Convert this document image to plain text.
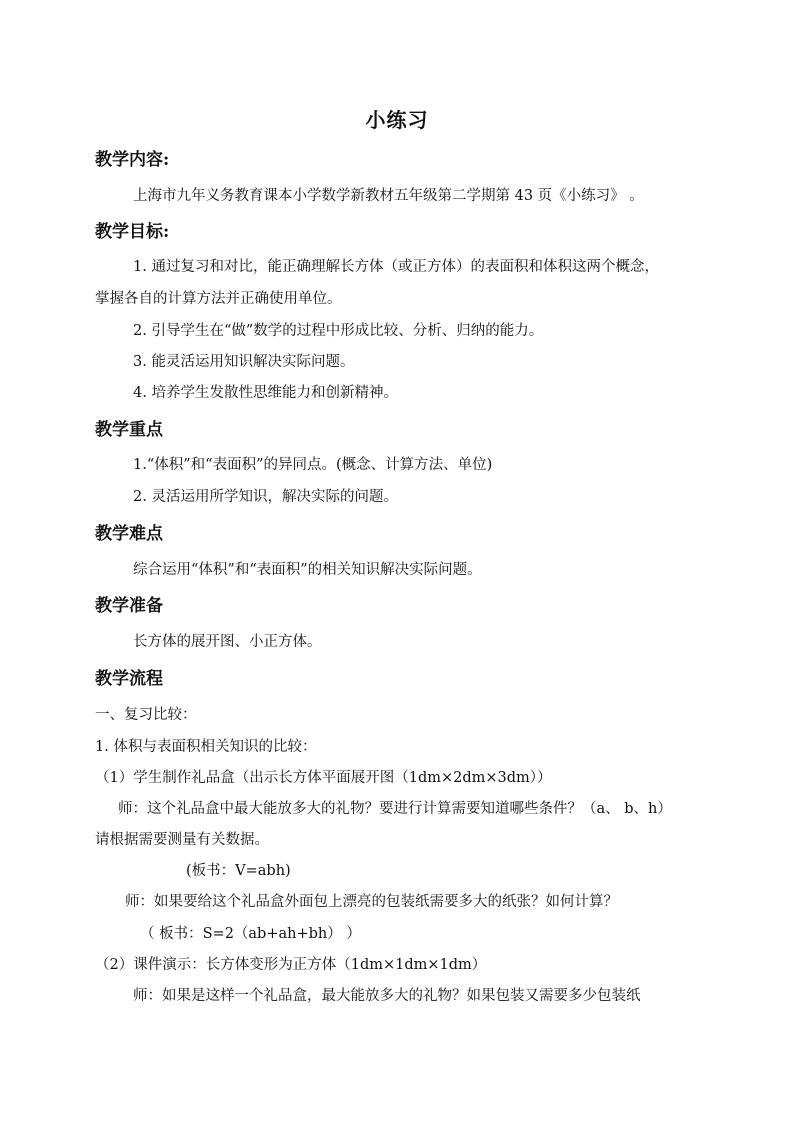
小练习
教学内容:
上海市九年义务教育课本小学数学新教材五年级第二学期第 43 页《小练习》 。
教学目标:
1. 通过复习和对比，能正确理解长方体（或正方体）的表面积和体积这两个概念，
掌握各自的计算方法并正确使用单位。
2. 引导学生在“做”数学的过程中形成比较、分析、归纳的能力。
3. 能灵活运用知识解决实际问题。
4. 培养学生发散性思维能力和创新精神。
教学重点
1.“体积”和“表面积”的异同点。(概念、计算方法、单位)
2. 灵活运用所学知识，解决实际的问题。
教学难点
综合运用“体积”和“表面积”的相关知识解决实际问题。
教学准备
长方体的展开图、小正方体。
教学流程
一、复习比较：
1. 体积与表面积相关知识的比较：
（1）学生制作礼品盒（出示长方体平面展开图（1dm×2dm×3dm））
师：这个礼品盒中最大能放多大的礼物？要进行计算需要知道哪些条件？（a、 b、h）
请根据需要测量有关数据。
(板书：V=abh)
师：如果要给这个礼品盒外面包上漂亮的包装纸需要多大的纸张？如何计算？
（ 板书：S=2（ab+ah+bh） ）
（2）课件演示：长方体变形为正方体（1dm×1dm×1dm）
师：如果是这样一个礼品盒，最大能放多大的礼物？如果包装又需要多少包装纸
